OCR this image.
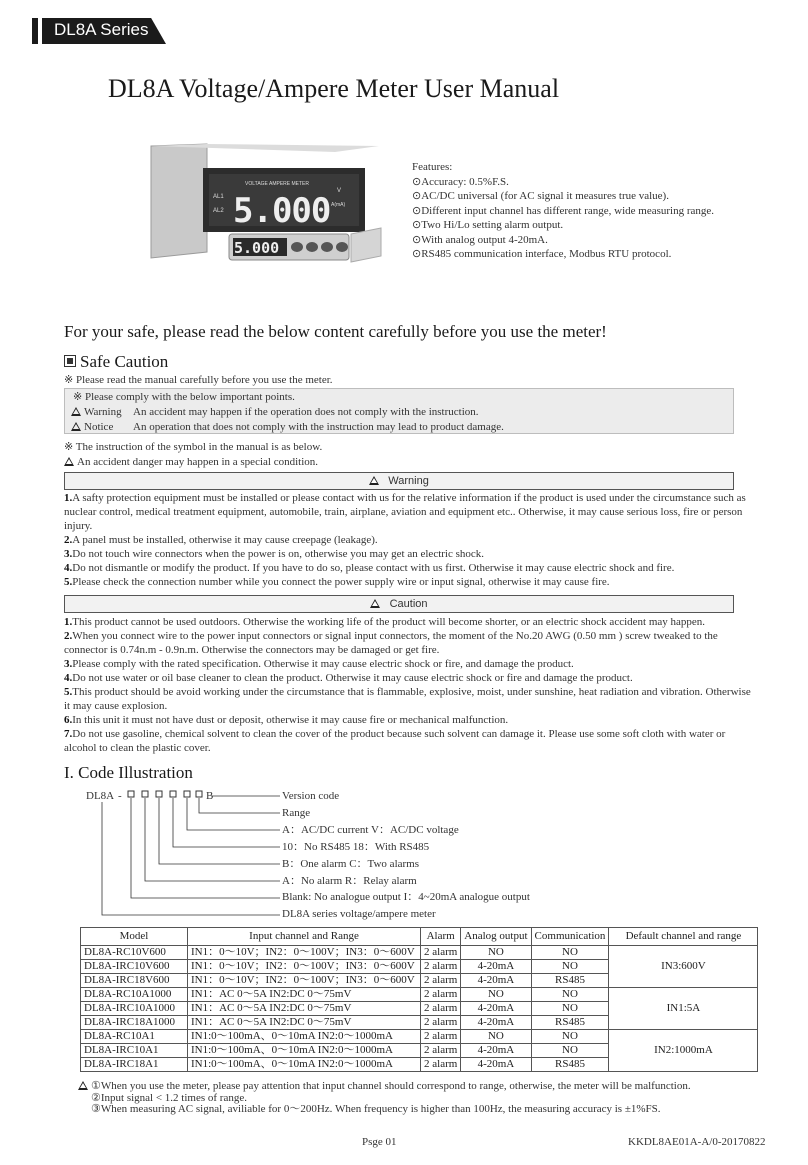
DL8A Series
DL8A Voltage/Ampere Meter User Manual
VOLTAGE AMPERE METER
AL1
AL2
V
A(mA)
5.000
5.000
Features:
⊙Accuracy: 0.5%F.S.
⊙AC/DC universal (for AC signal it measures true value).
⊙Different input channel has different range, wide measuring range.
⊙Two Hi/Lo setting alarm output.
⊙With analog output 4-20mA.
⊙RS485 communication interface, Modbus RTU protocol.
For your safe, please read the below content carefully before you use the meter!
Safe Caution
※ Please read the manual carefully before you use the meter.
※ Please comply with the below important points.
Warning An accident may happen if the operation does not comply with the instruction.
Notice An operation that does not comply with the instruction may lead to product damage.
※ The instruction of the symbol in the manual is as below.
An accident danger may happen in a special condition.
Warning
1.A safty protection equipment must be installed or please contact with us for the relative information if the product is used under the circumstance such as nuclear control, medical treatment equipment, automobile, train, airplane, aviation and equipment etc.. Otherwise, it may cause serious loss, fire or person injury.
2.A panel must be installed, otherwise it may cause creepage (leakage).
3.Do not touch wire connectors when the power is on, otherwise you may get an electric shock.
4.Do not dismantle or modify the product. If you have to do so, please contact with us first. Otherwise it may cause electric shock and fire.
5.Please check the connection number while you connect the power supply wire or input signal, otherwise it may cause fire.
Caution
1.This product cannot be used outdoors. Otherwise the working life of the product will become shorter, or an electric shock accident may happen.
2.When you connect wire to the power input connectors or signal input connectors, the moment of the No.20 AWG (0.50 mm ) screw tweaked to the connector is 0.74n.m - 0.9n.m. Otherwise the connectors may be damaged or get fire.
3.Please comply with the rated specification. Otherwise it may cause electric shock or fire, and damage the product.
4.Do not use water or oil base cleaner to clean the product. Otherwise it may cause electric shock or fire and damage the product.
5.This product should be avoid working under the circumstance that is flammable, explosive, moist, under sunshine, heat radiation and vibration. Otherwise it may cause explosion.
6.In this unit it must not have dust or deposit, otherwise it may cause fire or mechanical malfunction.
7.Do not use gasoline, chemical solvent to clean the cover of the product because such solvent can damage it. Please use some soft cloth with water or alcohol to clean the plastic cover.
I. Code Illustration
DL8A -	B	Version code
Range
A：AC/DC current V：AC/DC voltage
10：No RS485 18：With RS485
B：One alarm C：Two alarms
A：No alarm R：Relay alarm
Blank: No analogue output I：4~20mA analogue output
DL8A series voltage/ampere meter
Model	Input channel and Range	Alarm	Analog output	Communication	Default channel and range
DL8A-RC10V600	IN1：0～10V；IN2：0～100V；IN3：0～600V	2 alarm	NO	NO	IN3:600V
DL8A-IRC10V600	IN1：0～10V；IN2：0～100V；IN3：0～600V	2 alarm	4-20mA	NO	
DL8A-IRC18V600	IN1：0～10V；IN2：0～100V；IN3：0～600V	2 alarm	4-20mA	RS485	
DL8A-RC10A1000	IN1：AC 0～5A IN2:DC 0～75mV	2 alarm	NO	NO	IN1:5A
DL8A-IRC10A1000	IN1：AC 0～5A IN2:DC 0～75mV	2 alarm	4-20mA	NO	
DL8A-IRC18A1000	IN1：AC 0～5A IN2:DC 0～75mV	2 alarm	4-20mA	RS485	
DL8A-RC10A1	IN1:0～100mA、0～10mA IN2:0～1000mA	2 alarm	NO	NO	IN2:1000mA
DL8A-IRC10A1	IN1:0～100mA、0～10mA IN2:0～1000mA	2 alarm	4-20mA	NO	
DL8A-IRC18A1	IN1:0～100mA、0～10mA IN2:0～1000mA	2 alarm	4-20mA	RS485	
①When you use the meter, please pay attention that input channel should correspond to range, otherwise, the meter will be malfunction.
②Input signal < 1.2 times of range.
③When measuring AC signal, aviliable for 0～200Hz. When frequency is higher than 100Hz, the measuring accuracy is ±1%FS.
Psge 01	KKDL8AE01A-A/0-20170822
